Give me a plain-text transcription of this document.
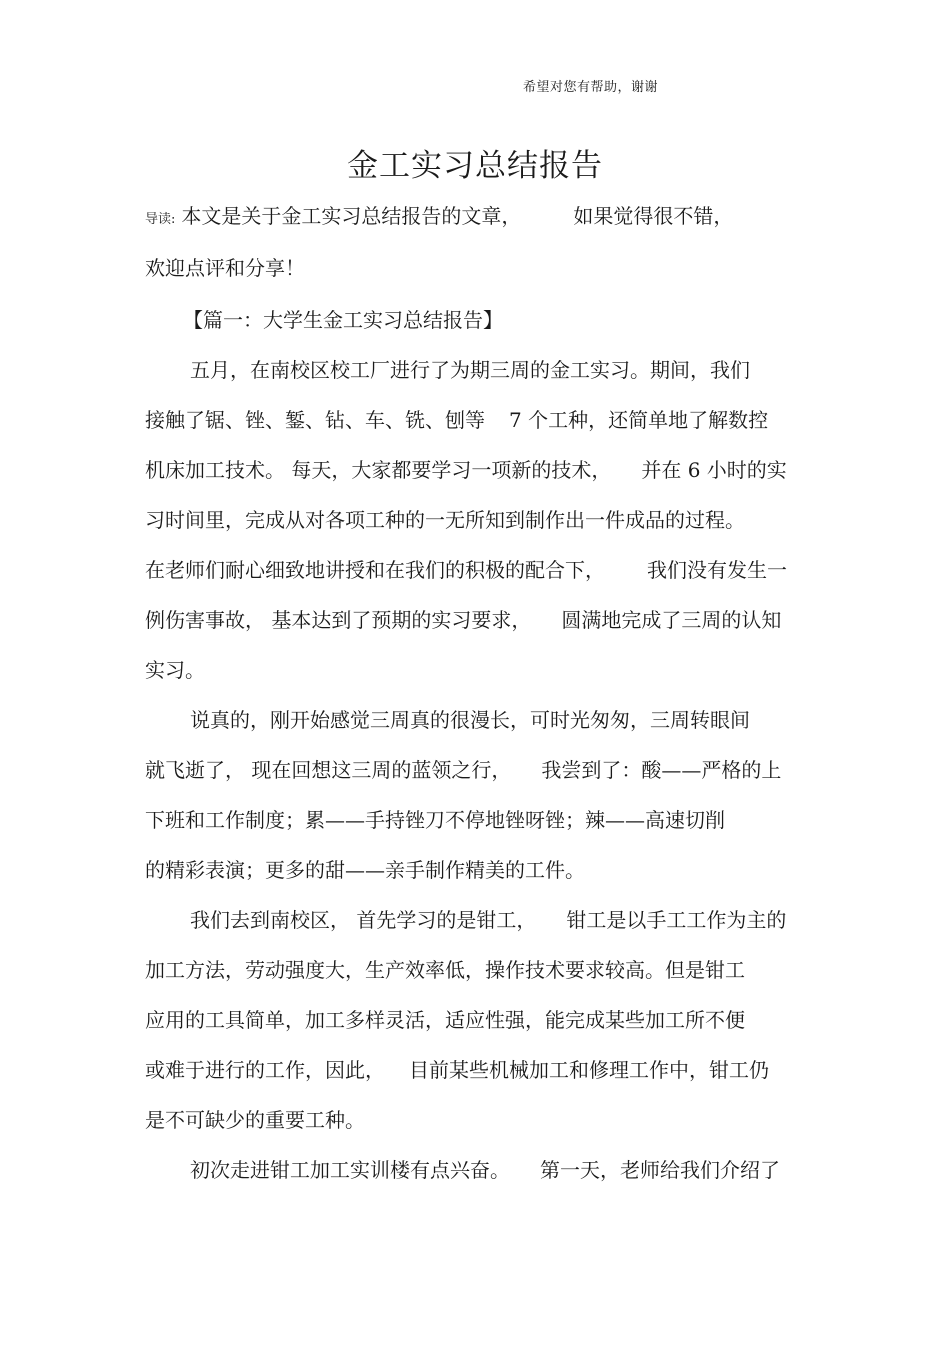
希望对您有帮助，谢谢
金工实习总结报告
导读: 本文是关于金工实习总结报告的文章，	如果觉得很不错，
欢迎点评和分享！
【篇一：大学生金工实习总结报告】
五月，在南校区校工厂进行了为期三周的金工实习。期间，我们
接触了锯、锉、錾、钻、车、铣、刨等 7 个工种，还简单地了解数控
机床加工技术。 每天，大家都要学习一项新的技术， 并在 6 小时的实
习时间里，完成从对各项工种的一无所知到制作出一件成品的过程。
在老师们耐心细致地讲授和在我们的积极的配合下， 我们没有发生一
例伤害事故， 基本达到了预期的实习要求， 圆满地完成了三周的认知
实习。
说真的，刚开始感觉三周真的很漫长，可时光匆匆，三周转眼间
就飞逝了， 现在回想这三周的蓝领之行， 我尝到了：酸——严格的上
下班和工作制度；累——手持锉刀不停地锉呀锉；辣——高速切削
的精彩表演；更多的甜——亲手制作精美的工件。
我们去到南校区， 首先学习的是钳工， 钳工是以手工工作为主的
加工方法，劳动强度大，生产效率低，操作技术要求较高。但是钳工
应用的工具简单，加工多样灵活，适应性强，能完成某些加工所不便
或难于进行的工作，因此， 目前某些机械加工和修理工作中，钳工仍
是不可缺少的重要工种。
初次走进钳工加工实训楼有点兴奋。 第一天，老师给我们介绍了
